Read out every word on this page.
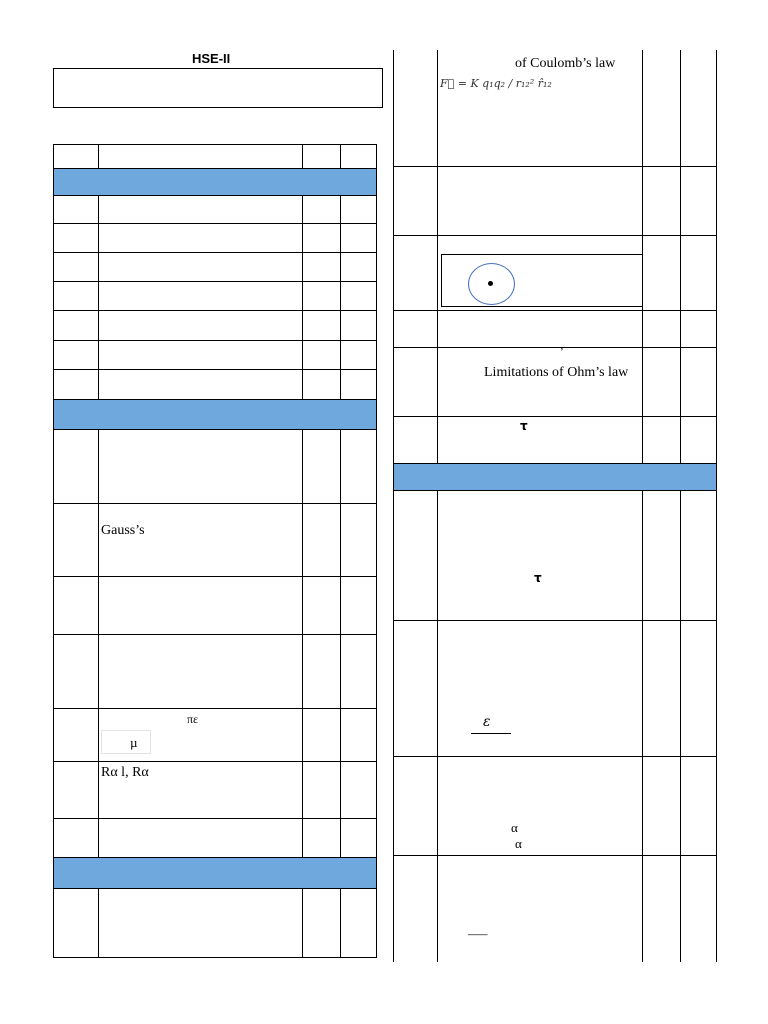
HSE-II
Gauss’s
πε
µ
Rα l, Rα
of Coulomb’s law
F⃗ = K q₁q₂ / r₁₂² r̂₁₂
’
Limitations of Ohm’s law
τ
τ
ε
α
α
—–
